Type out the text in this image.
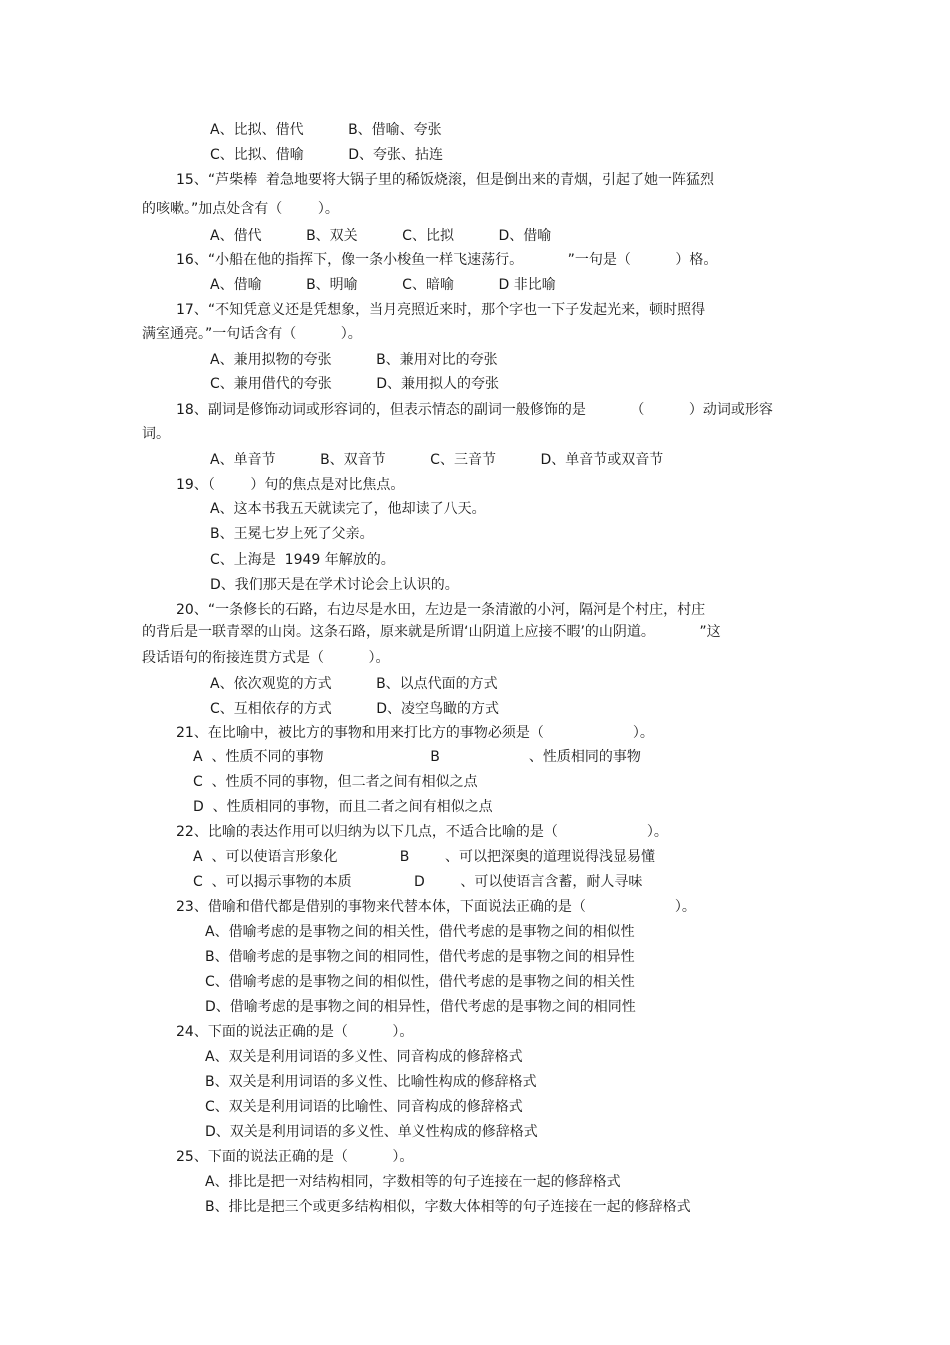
A、比拟、借代          B、借喻、夸张
C、比拟、借喻          D、夸张、拈连
15、“芦柴棒  着急地要将大锅子里的稀饭烧滚，但是倒出来的青烟，引起了她一阵猛烈
的咳嗽。”加点处含有（        ）。
A、借代          B、双关          C、比拟          D、借喻
16、“小船在他的指挥下，像一条小梭鱼一样飞速荡行。          ”一句是（          ）格。
A、借喻          B、明喻          C、暗喻          D 非比喻
17、“不知凭意义还是凭想象，当月亮照近来时，那个字也一下子发起光来，顿时照得
满室通亮。”一句话含有（          ）。
A、兼用拟物的夸张          B、兼用对比的夸张
C、兼用借代的夸张          D、兼用拟人的夸张
18、副词是修饰动词或形容词的，但表示情态的副词一般修饰的是          （          ）动词或形容
词。
A、单音节          B、双音节          C、三音节          D、单音节或双音节
19、（        ）句的焦点是对比焦点。
A、这本书我五天就读完了，他却读了八天。
B、王冕七岁上死了父亲。
C、上海是  1949 年解放的。
D、我们那天是在学术讨论会上认识的。
20、“一条修长的石路，右边尽是水田，左边是一条清澈的小河，隔河是个村庄，村庄
的背后是一联青翠的山岗。这条石路，原来就是所谓‘山阴道上应接不暇’的山阴道。          ”这
段话语句的衔接连贯方式是（          ）。
A、依次观览的方式          B、以点代面的方式
C、互相依存的方式          D、凌空鸟瞰的方式
21、在比喻中，被比方的事物和用来打比方的事物必须是（                    ）。
A  、性质不同的事物                        B                    、性质相同的事物
C  、性质不同的事物，但二者之间有相似之点
D  、性质相同的事物，而且二者之间有相似之点
22、比喻的表达作用可以归纳为以下几点，不适合比喻的是（                    ）。
A  、可以使语言形象化              B        、可以把深奥的道理说得浅显易懂
C  、可以揭示事物的本质              D        、可以使语言含蓄，耐人寻味
23、借喻和借代都是借别的事物来代替本体，下面说法正确的是（                    ）。
A、借喻考虑的是事物之间的相关性，借代考虑的是事物之间的相似性
B、借喻考虑的是事物之间的相同性，借代考虑的是事物之间的相异性
C、借喻考虑的是事物之间的相似性，借代考虑的是事物之间的相关性
D、借喻考虑的是事物之间的相异性，借代考虑的是事物之间的相同性
24、下面的说法正确的是（          ）。
A、双关是利用词语的多义性、同音构成的修辞格式
B、双关是利用词语的多义性、比喻性构成的修辞格式
C、双关是利用词语的比喻性、同音构成的修辞格式
D、双关是利用词语的多义性、单义性构成的修辞格式
25、下面的说法正确的是（          ）。
A、排比是把一对结构相同，字数相等的句子连接在一起的修辞格式
B、排比是把三个或更多结构相似，字数大体相等的句子连接在一起的修辞格式
